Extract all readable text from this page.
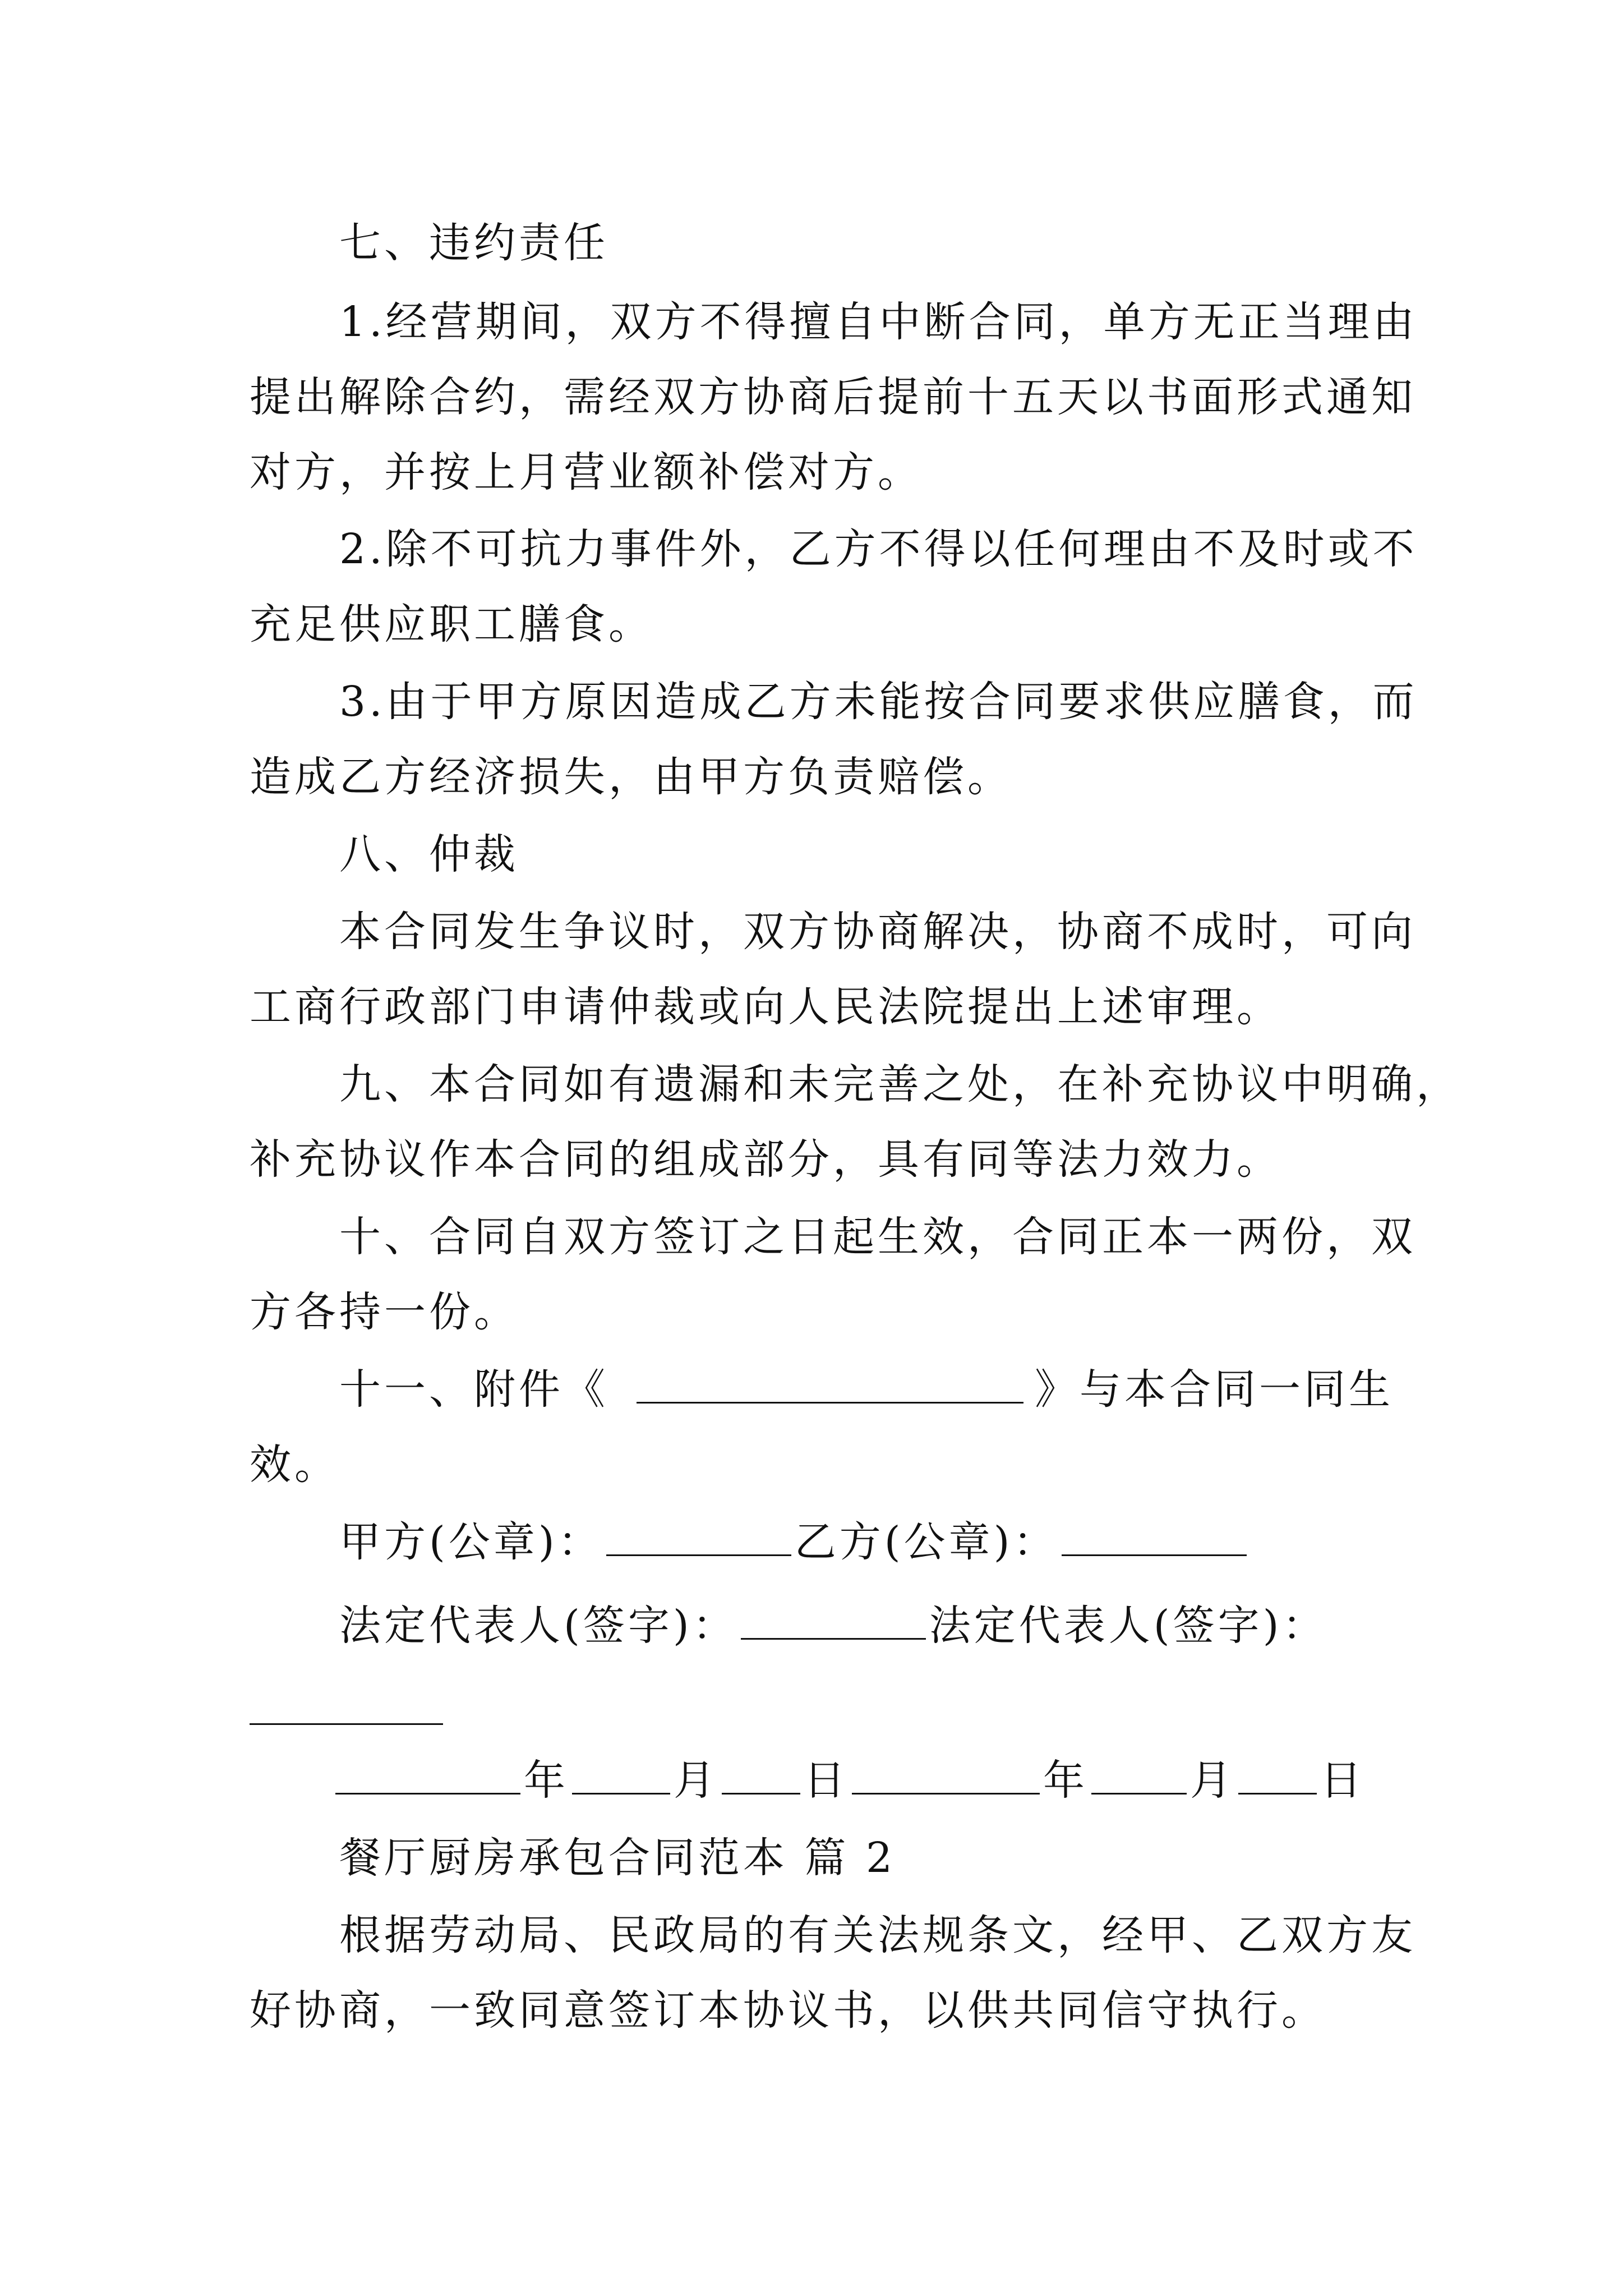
七、违约责任
1.经营期间，双方不得擅自中断合同，单方无正当理由
提出解除合约，需经双方协商后提前十五天以书面形式通知
对方，并按上月营业额补偿对方。
2.除不可抗力事件外，乙方不得以任何理由不及时或不
充足供应职工膳食。
3.由于甲方原因造成乙方未能按合同要求供应膳食，而
造成乙方经济损失，由甲方负责赔偿。
八、仲裁
本合同发生争议时，双方协商解决，协商不成时，可向
工商行政部门申请仲裁或向人民法院提出上述审理。
九、本合同如有遗漏和未完善之处，在补充协议中明确，
补充协议作本合同的组成部分，具有同等法力效力。
十、合同自双方签订之日起生效，合同正本一两份，双
方各持一份。
十一、附件《	》与本合同一同生
效。
甲方(公章)：	乙方(公章)：
法定代表人(签字)：	法定代表人(签字)：
年	月 日	年 月 日
餐厅厨房承包合同范本 篇 2
根据劳动局、民政局的有关法规条文，经甲、乙双方友
好协商，一致同意签订本协议书，以供共同信守执行。
